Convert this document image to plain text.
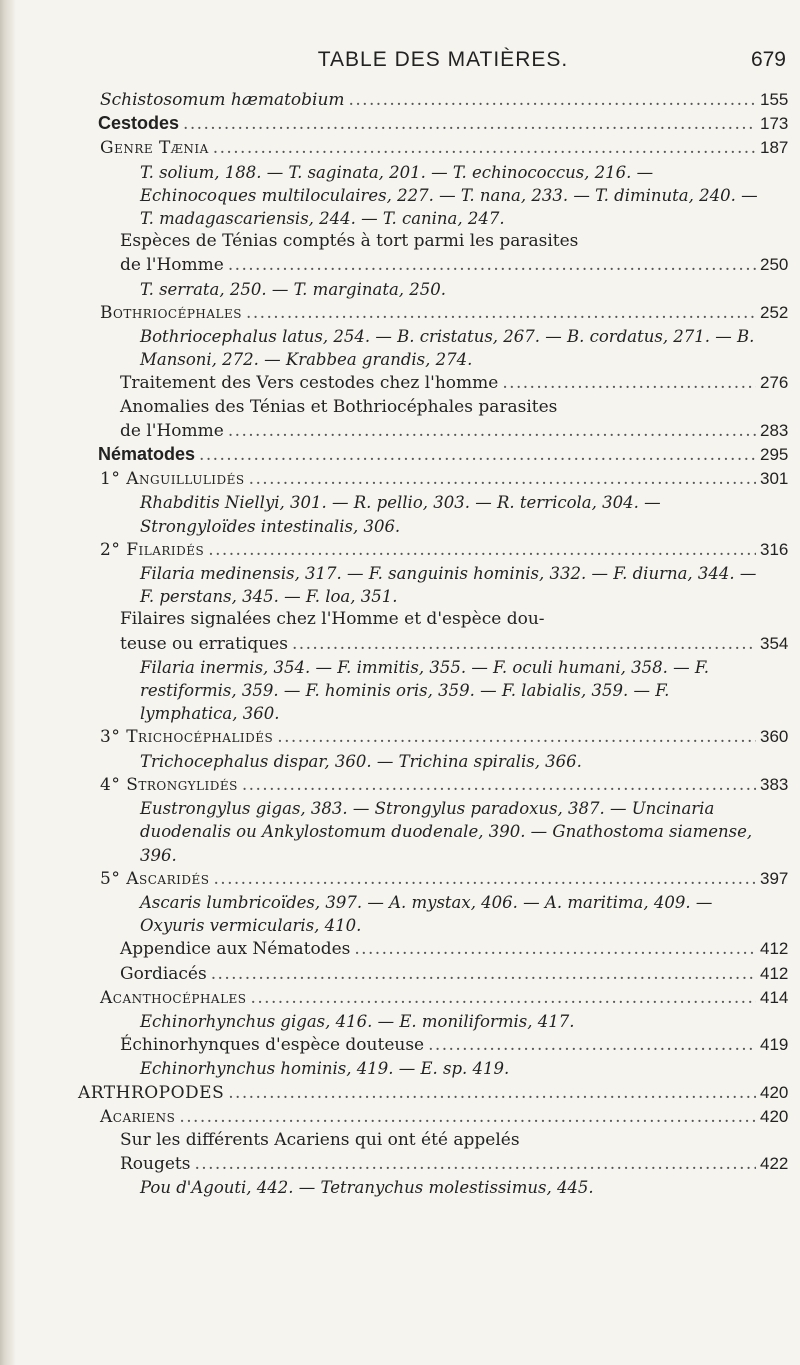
TABLE DES MATIÈRES.	679
Schistosomum hæmatobium . . .	155
Cestodes . . .	173
Genre Tænia . . .	187
T. solium, 188. — T. saginata, 201. — T. echinococcus, 216. — Echinocoques multiloculaires, 227. — T. nana, 233. — T. diminuta, 240. — T. madagascariensis, 244. — T. canina, 247.
Espèces de Ténias comptés à tort parmi les parasites
de l'Homme . . .	250
T. serrata, 250. — T. marginata, 250.
Bothriocéphales . . .	252
Bothriocephalus latus, 254. — B. cristatus, 267. — B. cordatus, 271. — B. Mansoni, 272. — Krabbea grandis, 274.
Traitement des Vers cestodes chez l'homme . . .	276
Anomalies des Ténias et Bothriocéphales parasites
de l'Homme . . .	283
Nématodes . . .	295
1° Anguillulidés . . .	301
Rhabditis Niellyi, 301. — R. pellio, 303. — R. terricola, 304. — Strongyloïdes intestinalis, 306.
2° Filaridés . . .	316
Filaria medinensis, 317. — F. sanguinis hominis, 332. — F. diurna, 344. — F. perstans, 345. — F. loa, 351.
Filaires signalées chez l'Homme et d'espèce dou-
teuse ou erratiques . . .	354
Filaria inermis, 354. — F. immitis, 355. — F. oculi humani, 358. — F. restiformis, 359. — F. hominis oris, 359. — F. labialis, 359. — F. lymphatica, 360.
3° Trichocéphalidés . . .	360
Trichocephalus dispar, 360. — Trichina spiralis, 366.
4° Strongylidés . . .	383
Eustrongylus gigas, 383. — Strongylus paradoxus, 387. — Uncinaria duodenalis ou Ankylostomum duodenale, 390. — Gnathostoma siamense, 396.
5° Ascaridés . . .	397
Ascaris lumbricoïdes, 397. — A. mystax, 406. — A. maritima, 409. — Oxyuris vermicularis, 410.
Appendice aux Nématodes . . .	412
Gordiacés . . .	412
Acanthocéphales . . .	414
Echinorhynchus gigas, 416. — E. moniliformis, 417.
Échinorhynques d'espèce douteuse . . .	419
Echinorhynchus hominis, 419. — E. sp. 419.
ARTHROPODES . . .	420
Acariens . . .	420
Sur les différents Acariens qui ont été appelés
Rougets . . .	422
Pou d'Agouti, 442. — Tetranychus molestissimus, 445.
